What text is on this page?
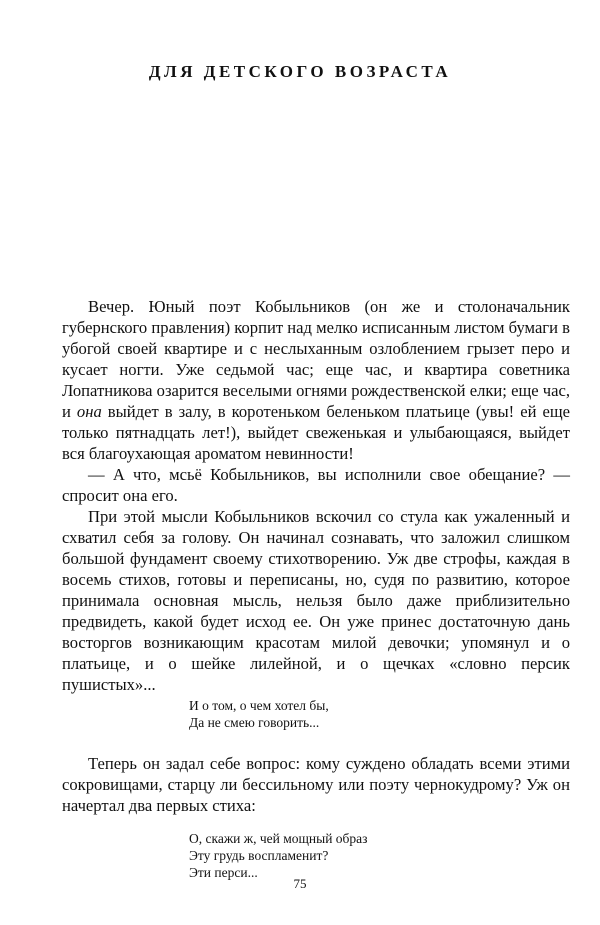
ДЛЯ ДЕТСКОГО ВОЗРАСТА

Вечер. Юный поэт Кобыльников (он же и столоначальник губернского правления) корпит над мелко исписанным листом бумаги в убогой своей квартире и с неслыханным озлоблением грызет перо и кусает ногти. Уже седьмой час; еще час, и квартира советника Лопатникова озарится веселыми огнями рождественской елки; еще час, и она выйдет в залу, в коротеньком беленьком платьице (увы! ей еще только пятнадцать лет!), выйдет свеженькая и улыбающаяся, выйдет вся благоухающая ароматом невинности!

— А что, мсьё Кобыльников, вы исполнили свое обещание? — спросит она его.

При этой мысли Кобыльников вскочил со стула как ужаленный и схватил себя за голову. Он начинал сознавать, что заложил слишком большой фундамент своему стихотворению. Уж две строфы, каждая в восемь стихов, готовы и переписаны, но, судя по развитию, которое принимала основная мысль, нельзя было даже приблизительно предвидеть, какой будет исход ее. Он уже принес достаточную дань восторгов возникающим красотам милой девочки; упомянул и о платьице, и о шейке лилейной, и о щечках «словно персик пушистых»...

И о том, о чем хотел бы,
Да не смею говорить...

Теперь он задал себе вопрос: кому суждено обладать всеми этими сокровищами, старцу ли бессильному или поэту чернокудрому? Уж он начертал два первых стиха:

О, скажи ж, чей мощный образ
Эту грудь воспламенит?
Эти перси...
75
